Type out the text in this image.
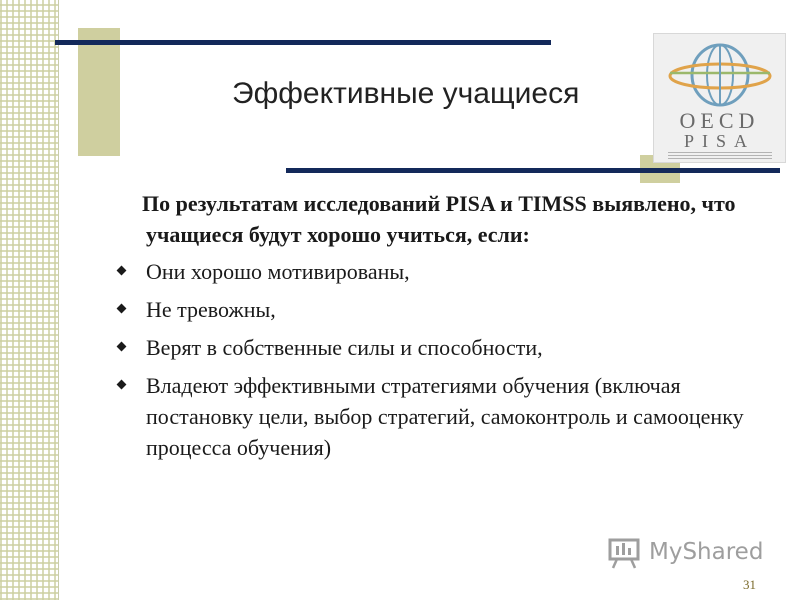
Эффективные учащиеся
OECD
PISA

По результатам исследований PISA и TIMSS выявлено, что учащиеся будут хорошо учиться, если:

Они хорошо мотивированы,
Не тревожны,
Верят в собственные силы и способности,
Владеют эффективными стратегиями обучения (включая постановку цели, выбор стратегий, самоконтроль и самооценку процесса обучения)
MyShared
31
